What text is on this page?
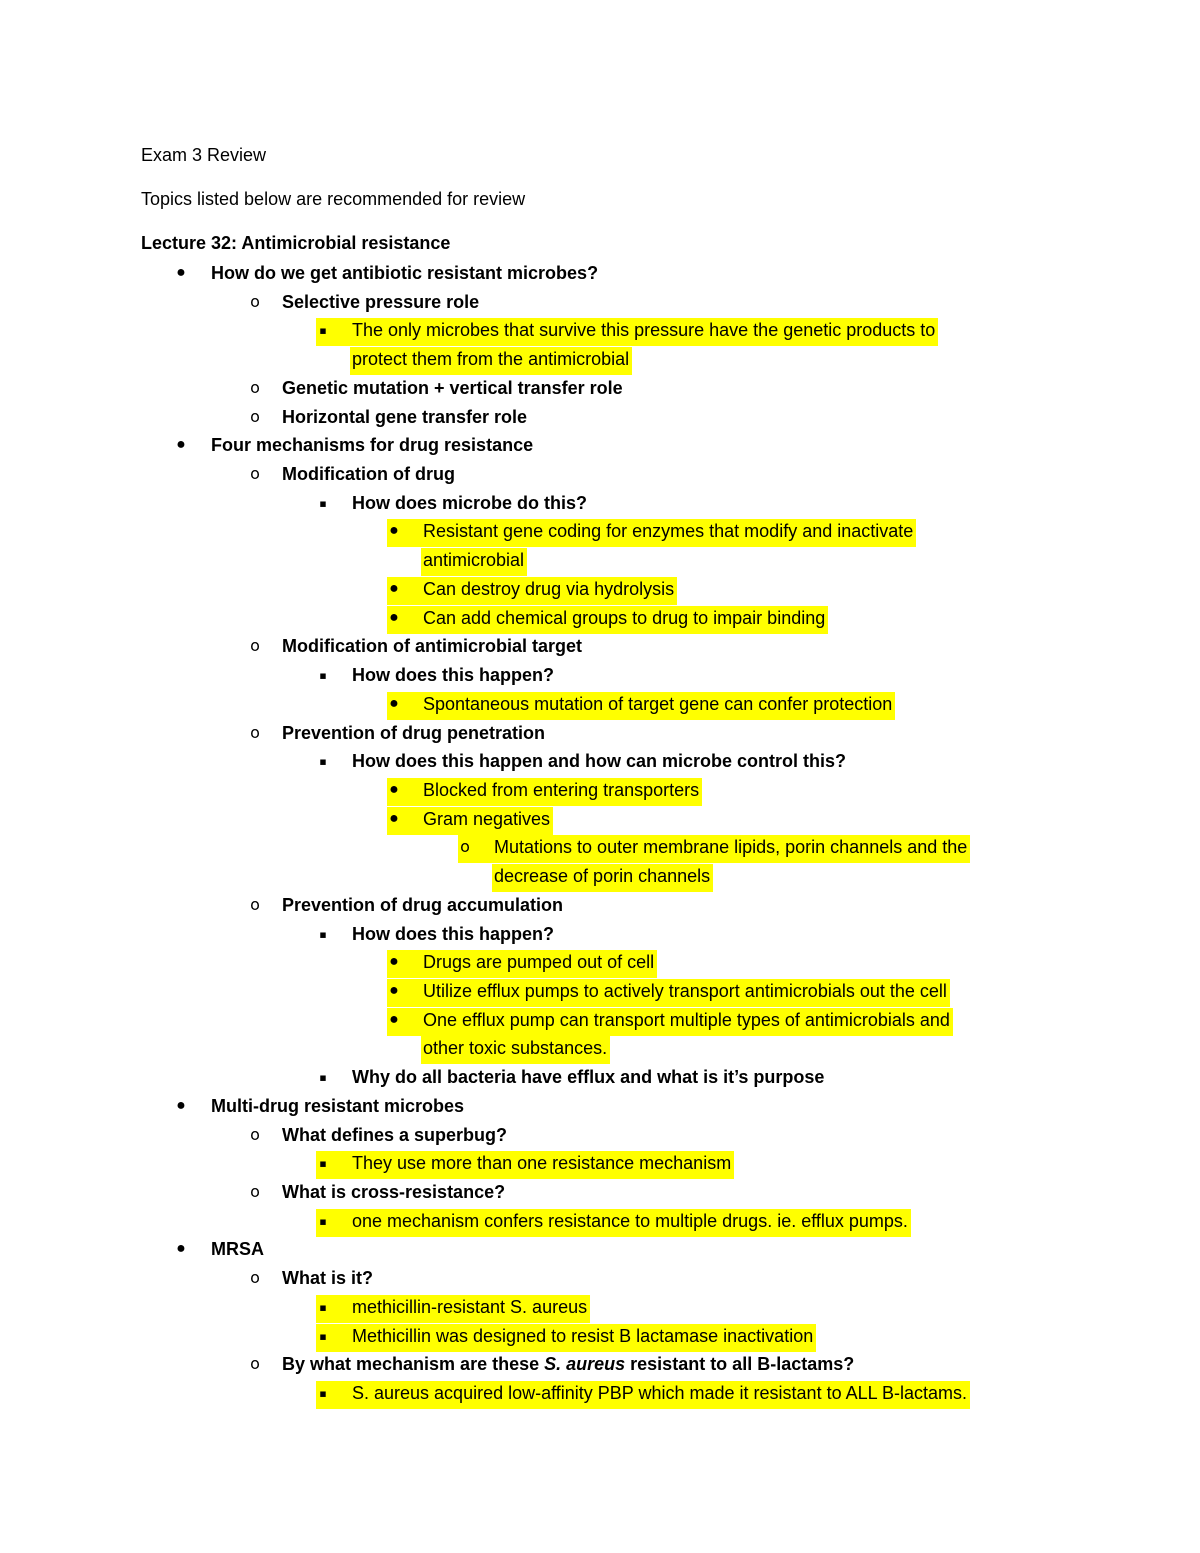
Exam 3 Review
Topics listed below are recommended for review
Lecture 32: Antimicrobial resistance
● How do we get antibiotic resistant microbes?
o Selective pressure role
▪	The only microbes that survive this pressure have the genetic products to
protect them from the antimicrobial
o Genetic mutation + vertical transfer role
o Horizontal gene transfer role
● Four mechanisms for drug resistance
o Modification of drug
▪	How does microbe do this?
● Resistant gene coding for enzymes that modify and inactivate
antimicrobial
● Can destroy drug via hydrolysis
● Can add chemical groups to drug to impair binding
o Modification of antimicrobial target
▪	How does this happen?
● Spontaneous mutation of target gene can confer protection
o Prevention of drug penetration
▪	How does this happen and how can microbe control this?
● Blocked from entering transporters
● Gram negatives
o Mutations to outer membrane lipids, porin channels and the
decrease of porin channels
o Prevention of drug accumulation
▪	How does this happen?
● Drugs are pumped out of cell
● Utilize efflux pumps to actively transport antimicrobials out the cell
● One efflux pump can transport multiple types of antimicrobials and
other toxic substances.
▪	Why do all bacteria have efflux and what is it’s purpose
● Multi-drug resistant microbes
o What defines a superbug?
▪	They use more than one resistance mechanism
o What is cross-resistance?
▪	one mechanism confers resistance to multiple drugs. ie. efflux pumps.
● MRSA
o What is it?
▪	methicillin-resistant S. aureus
▪	Methicillin was designed to resist B lactamase inactivation
o By what mechanism are these S. aureus resistant to all B-lactams?
▪	S. aureus acquired low-affinity PBP which made it resistant to ALL B-lactams.
